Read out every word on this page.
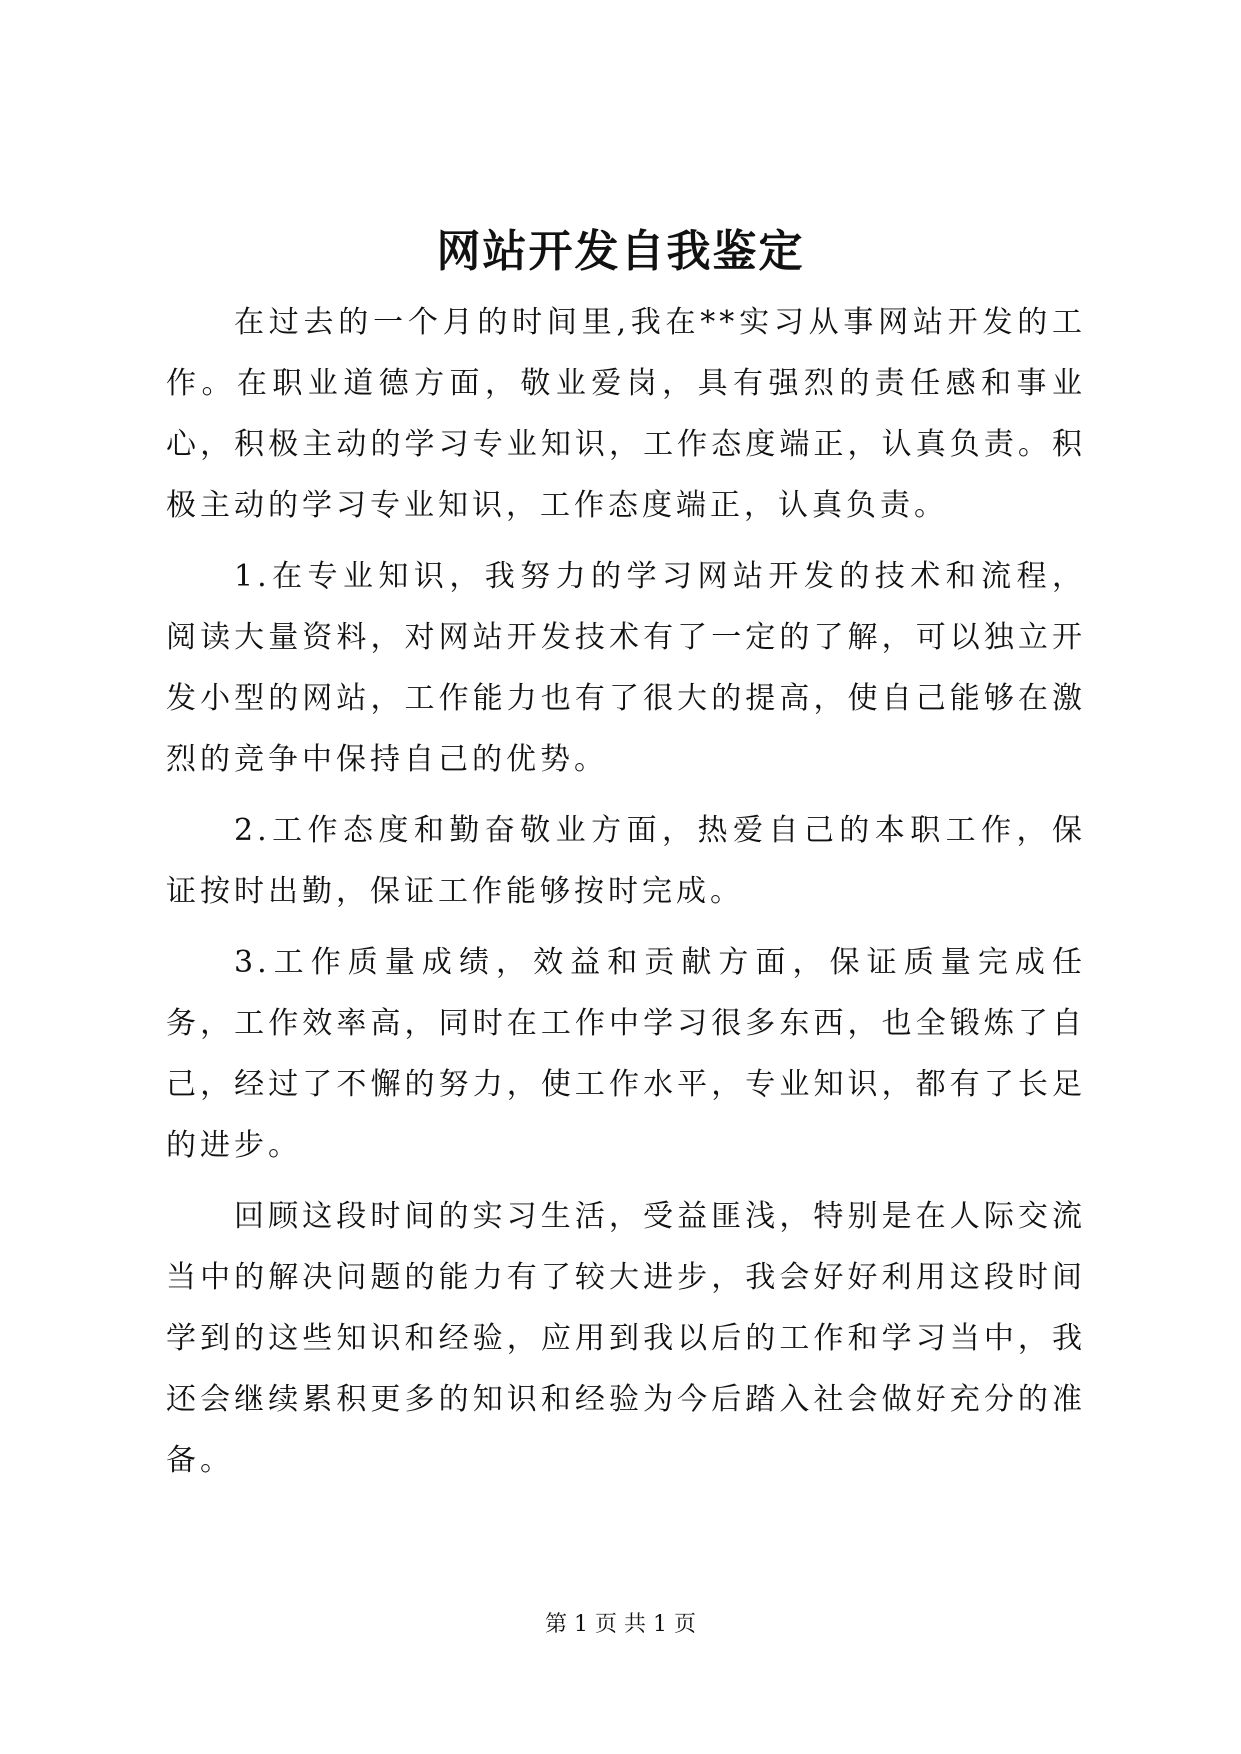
网站开发自我鉴定

在过去的一个月的时间里,我在**实习从事网站开发的工作。在职业道德方面，敬业爱岗，具有强烈的责任感和事业心，积极主动的学习专业知识，工作态度端正，认真负责。积极主动的学习专业知识，工作态度端正，认真负责。

1.在专业知识，我努力的学习网站开发的技术和流程，阅读大量资料，对网站开发技术有了一定的了解，可以独立开发小型的网站，工作能力也有了很大的提高，使自己能够在激烈的竞争中保持自己的优势。

2.工作态度和勤奋敬业方面，热爱自己的本职工作，保证按时出勤，保证工作能够按时完成。

3.工作质量成绩，效益和贡献方面，保证质量完成任务，工作效率高，同时在工作中学习很多东西，也全锻炼了自己，经过了不懈的努力，使工作水平，专业知识，都有了长足的进步。

回顾这段时间的实习生活，受益匪浅，特别是在人际交流当中的解决问题的能力有了较大进步，我会好好利用这段时间学到的这些知识和经验，应用到我以后的工作和学习当中，我还会继续累积更多的知识和经验为今后踏入社会做好充分的准备。

第 1 页 共 1 页
